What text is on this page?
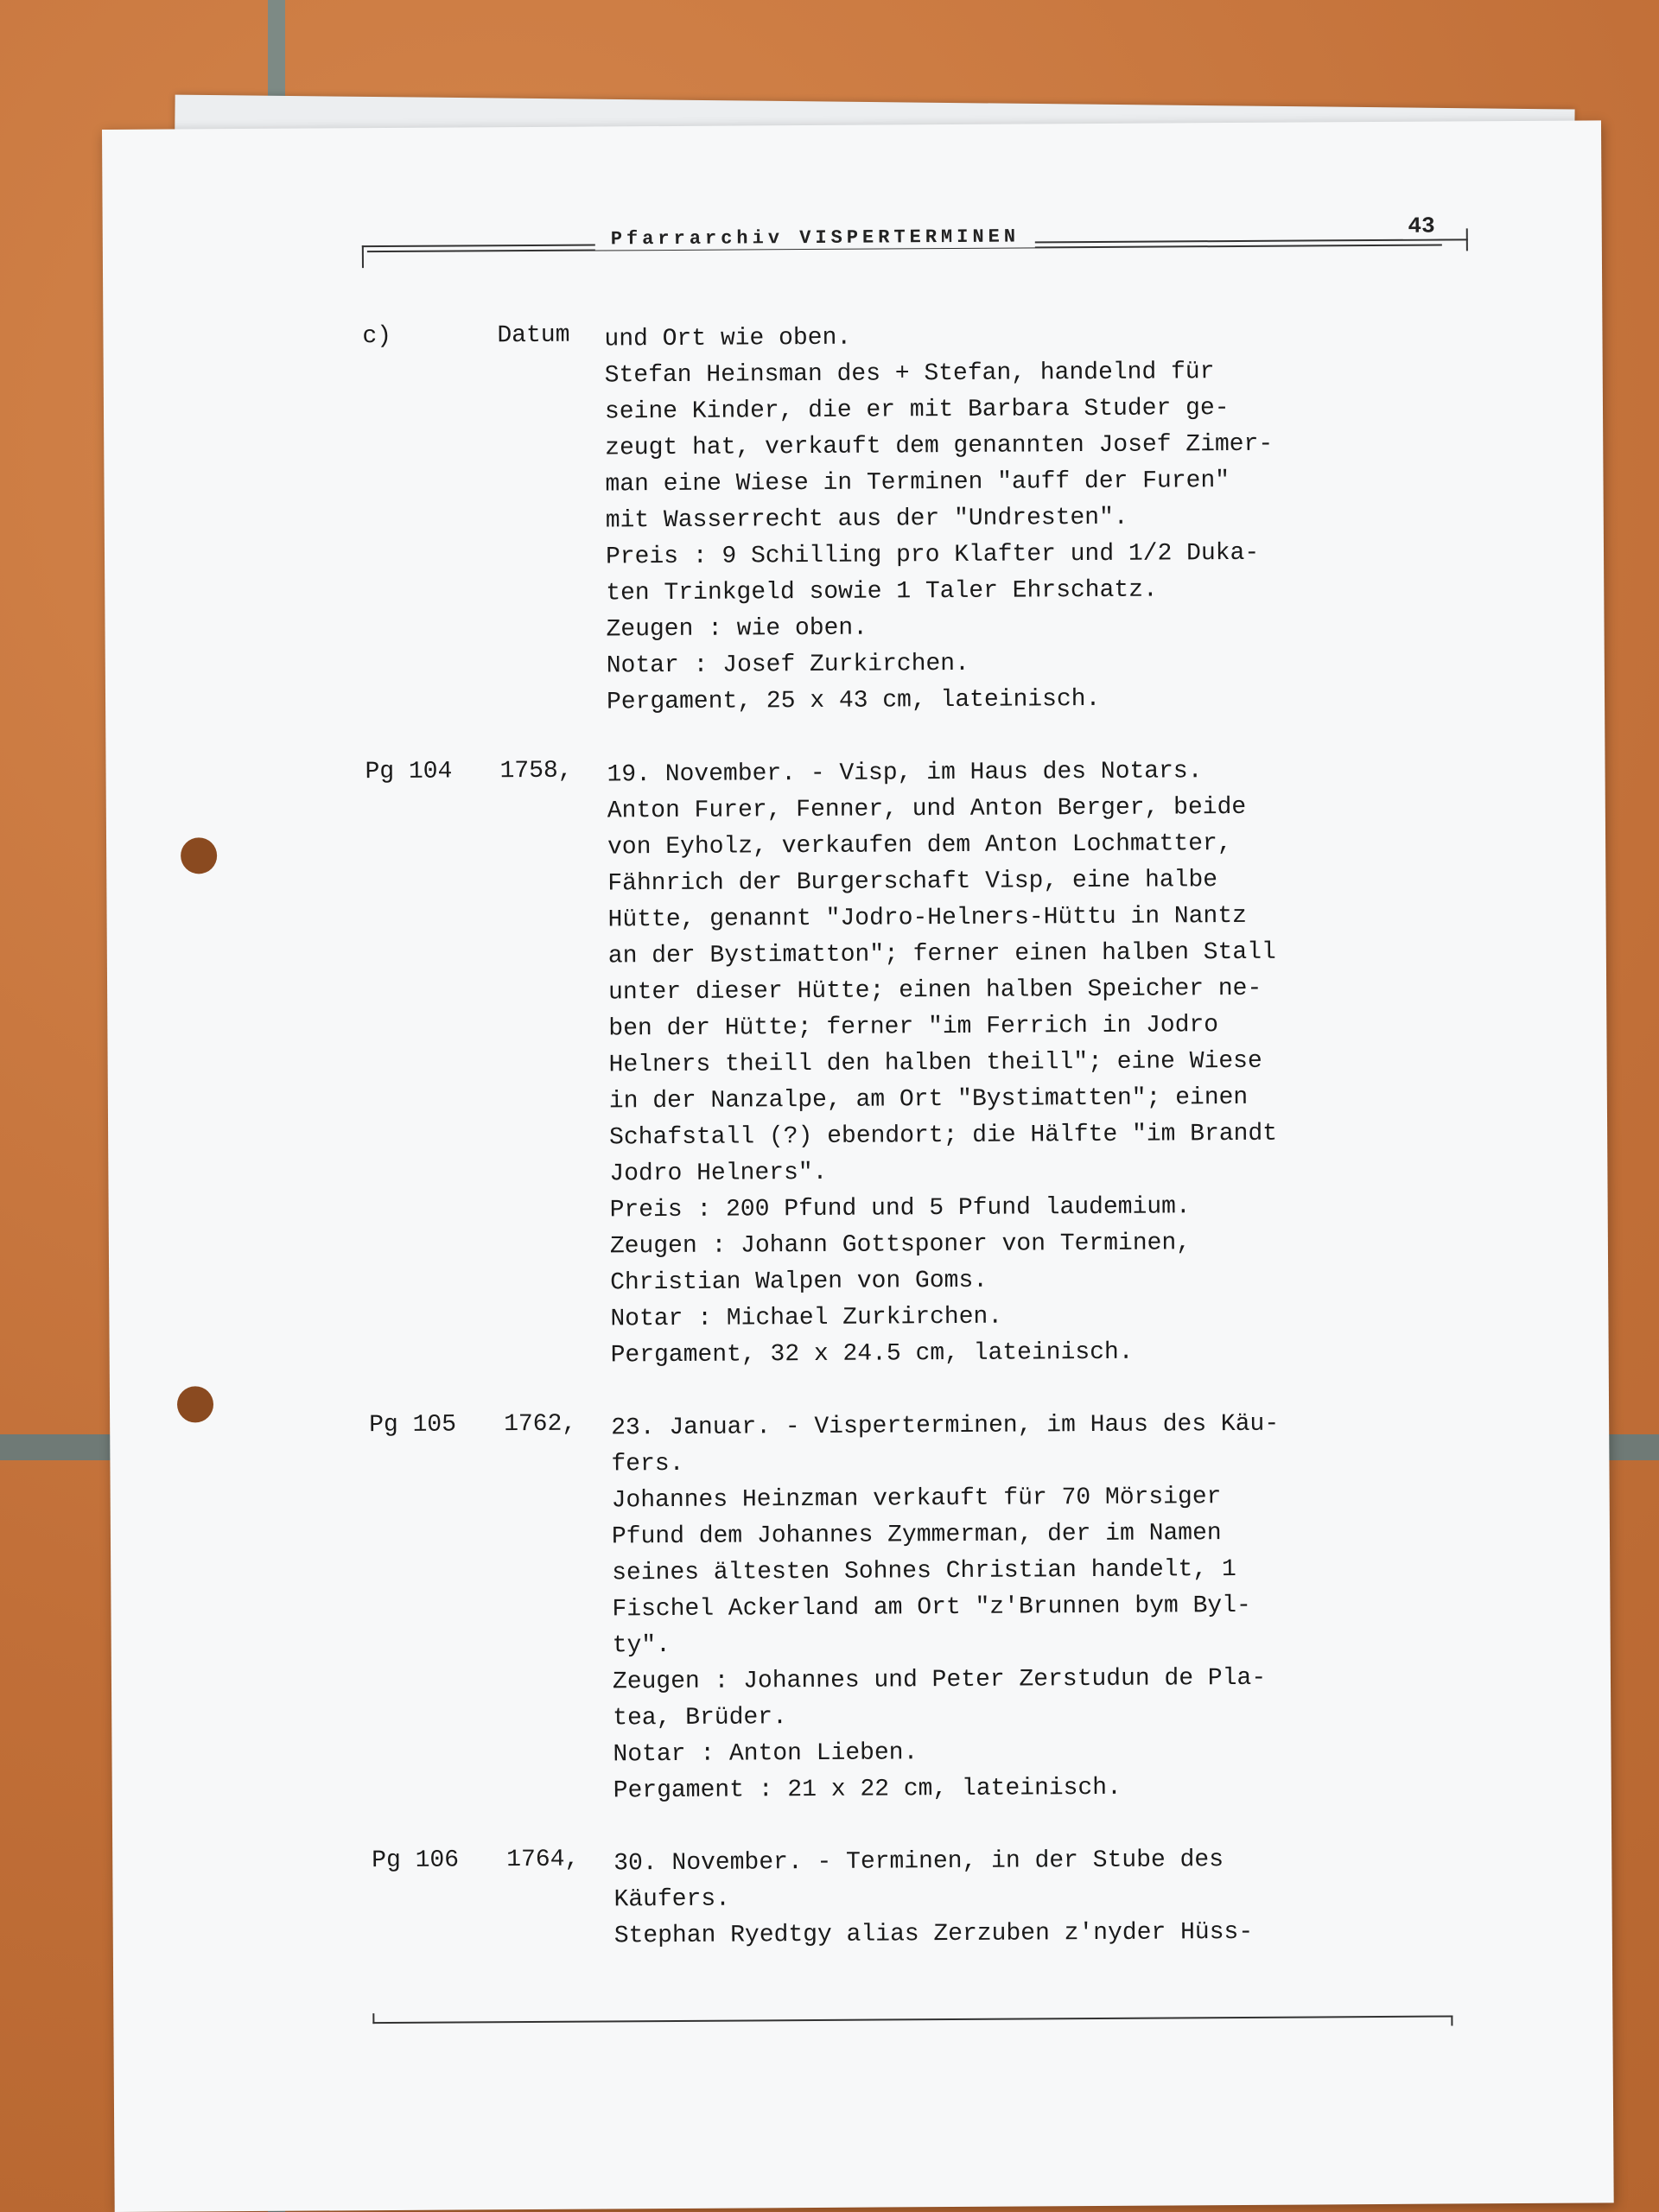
Pfarrarchiv VISPERTERMINEN	43
c)	Datum und Ort wie oben.
Stefan Heinsman des + Stefan, handelnd für
seine Kinder, die er mit Barbara Studer ge-
zeugt hat, verkauft dem genannten Josef Zimer-
man eine Wiese in Terminen "auff der Furen"
mit Wasserrecht aus der "Undresten".
Preis : 9 Schilling pro Klafter und 1/2 Duka-
ten Trinkgeld sowie 1 Taler Ehrschatz.
Zeugen : wie oben.
Notar : Josef Zurkirchen.
Pergament, 25 x 43 cm, lateinisch.
Pg 104 1758, 19. November. - Visp, im Haus des Notars.
Anton Furer, Fenner, und Anton Berger, beide
von Eyholz, verkaufen dem Anton Lochmatter,
Fähnrich der Burgerschaft Visp, eine halbe
Hütte, genannt "Jodro-Helners-Hüttu in Nantz
an der Bystimatton"; ferner einen halben Stall
unter dieser Hütte; einen halben Speicher ne-
ben der Hütte; ferner "im Ferrich in Jodro
Helners theill den halben theill"; eine Wiese
in der Nanzalpe, am Ort "Bystimatten"; einen
Schafstall (?) ebendort; die Hälfte "im Brandt
Jodro Helners".
Preis : 200 Pfund und 5 Pfund laudemium.
Zeugen : Johann Gottsponer von Terminen,
Christian Walpen von Goms.
Notar : Michael Zurkirchen.
Pergament, 32 x 24.5 cm, lateinisch.
Pg 105 1762, 23. Januar. - Visperterminen, im Haus des Käu-
fers.
Johannes Heinzman verkauft für 70 Mörsiger
Pfund dem Johannes Zymmerman, der im Namen
seines ältesten Sohnes Christian handelt, 1
Fischel Ackerland am Ort "z'Brunnen bym Byl-
ty".
Zeugen : Johannes und Peter Zerstudun de Pla-
tea, Brüder.
Notar : Anton Lieben.
Pergament : 21 x 22 cm, lateinisch.
Pg 106 1764, 30. November. - Terminen, in der Stube des
Käufers.
Stephan Ryedtgy alias Zerzuben z'nyder Hüss-
